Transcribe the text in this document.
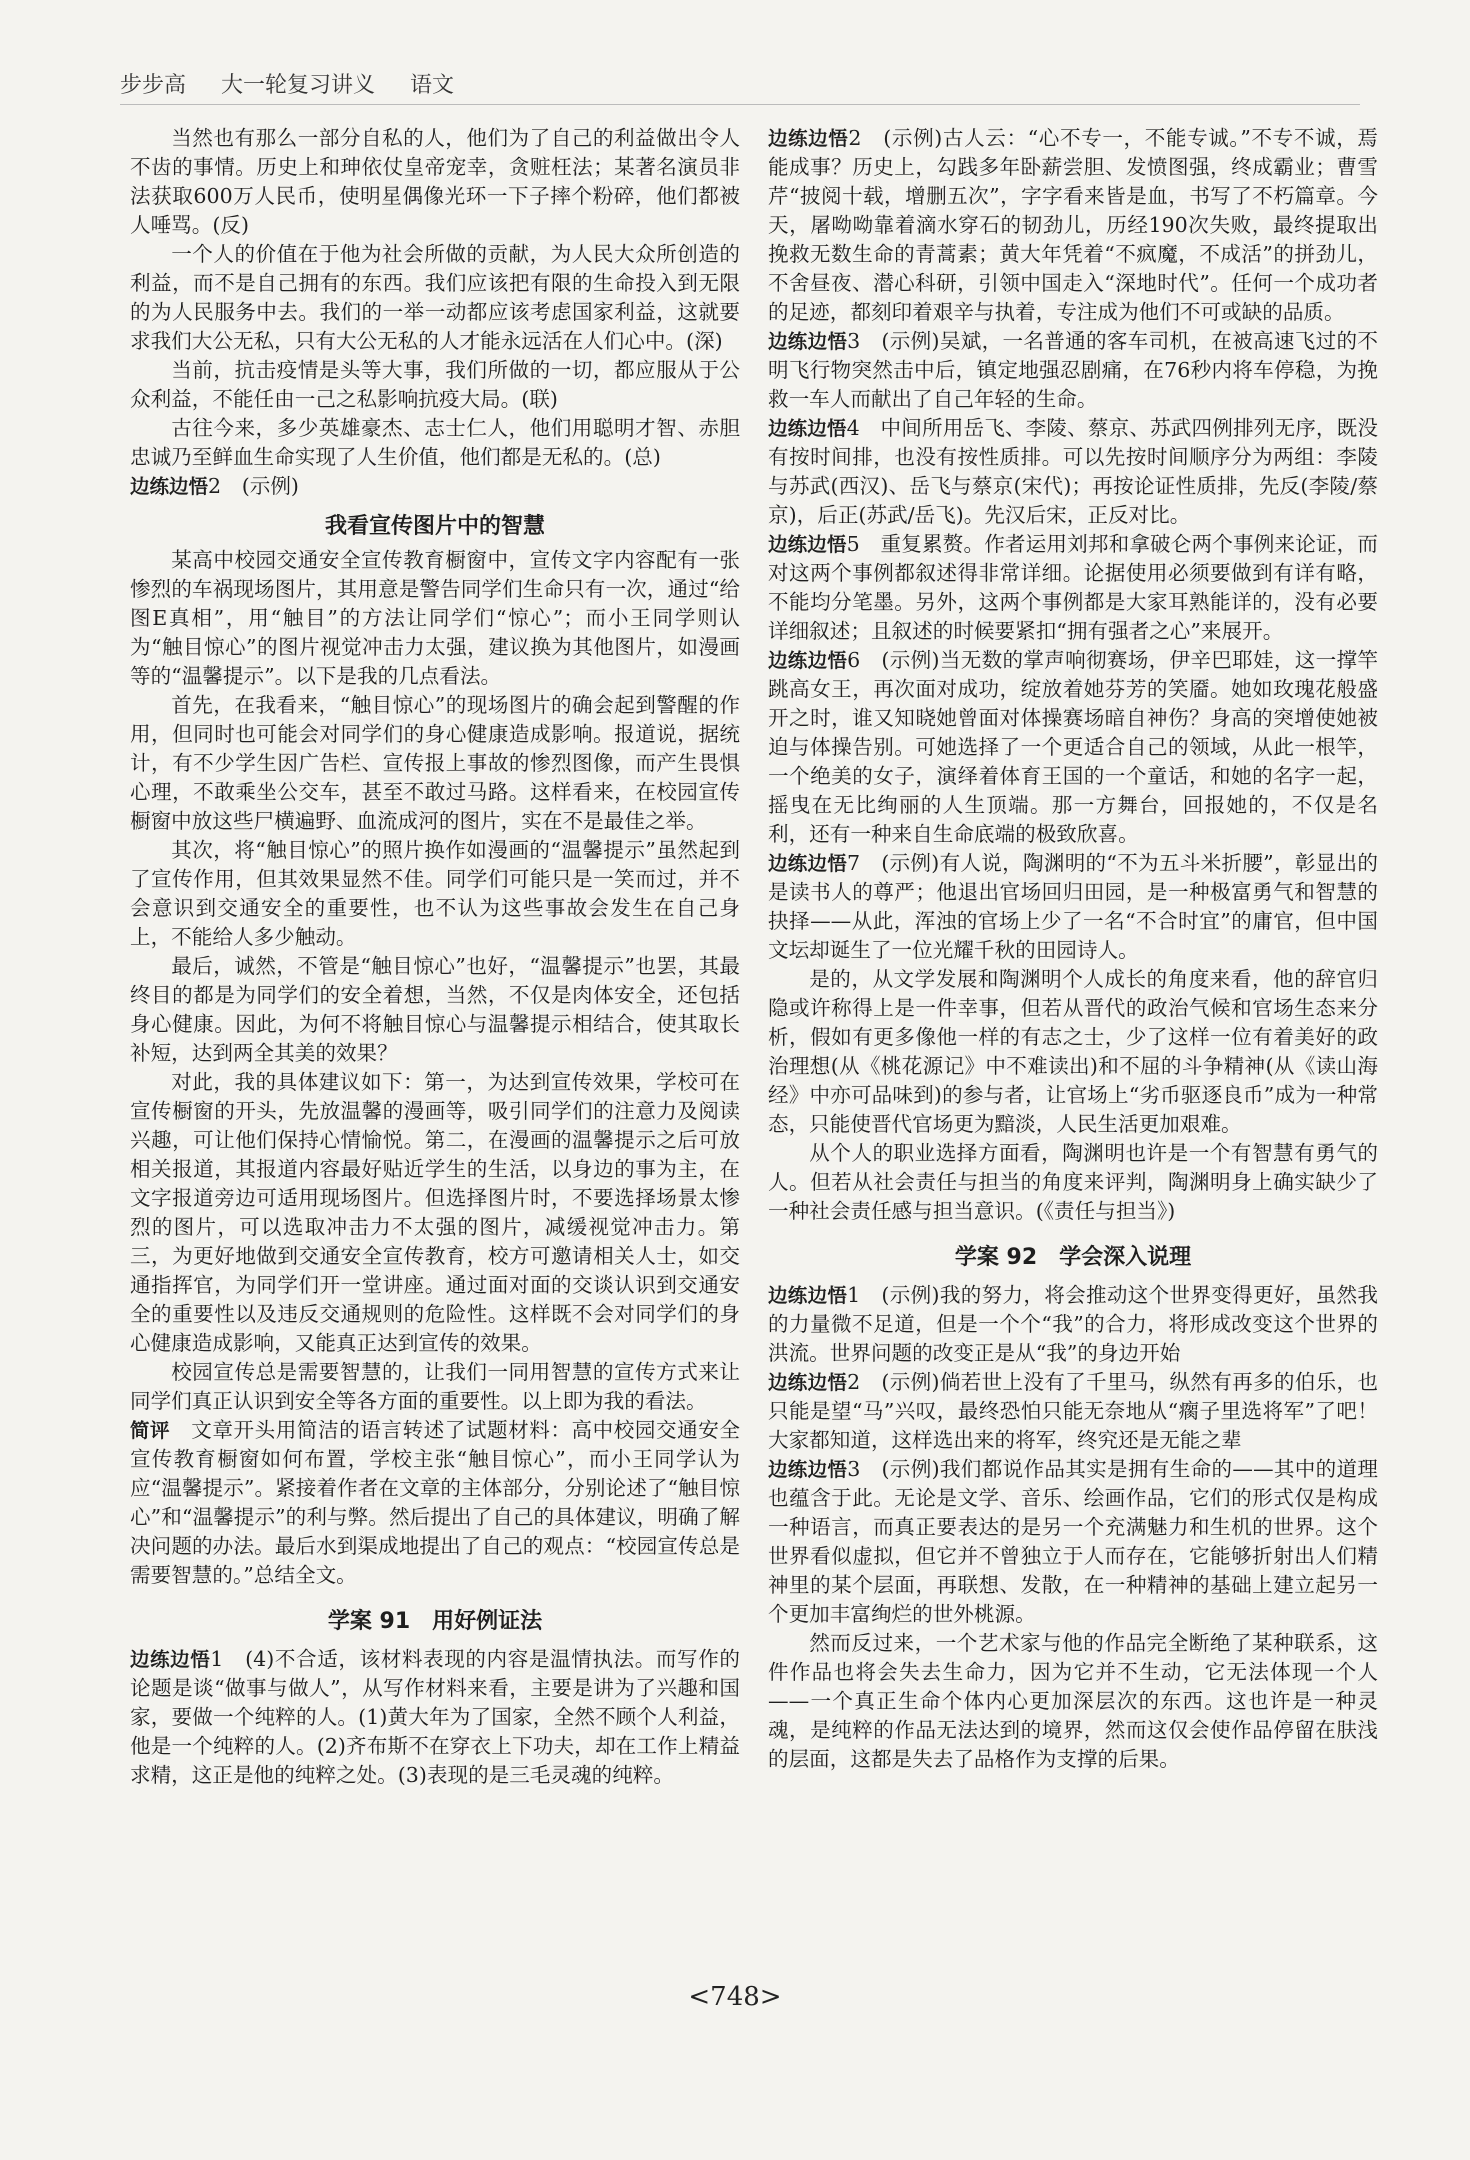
步步高 大一轮复习讲义 语文

当然也有那么一部分自私的人，他们为了自己的利益做出令人不齿的事情。历史上和珅依仗皇帝宠幸，贪赃枉法；某著名演员非法获取600万人民币，使明星偶像光环一下子摔个粉碎，他们都被人唾骂。(反)

一个人的价值在于他为社会所做的贡献，为人民大众所创造的利益，而不是自己拥有的东西。我们应该把有限的生命投入到无限的为人民服务中去。我们的一举一动都应该考虑国家利益，这就要求我们大公无私，只有大公无私的人才能永远活在人们心中。(深)

当前，抗击疫情是头等大事，我们所做的一切，都应服从于公众利益，不能任由一己之私影响抗疫大局。(联)

古往今来，多少英雄豪杰、志士仁人，他们用聪明才智、赤胆忠诚乃至鲜血生命实现了人生价值，他们都是无私的。(总)

边练边悟2　(示例)

我看宣传图片中的智慧

某高中校园交通安全宣传教育橱窗中，宣传文字内容配有一张惨烈的车祸现场图片，其用意是警告同学们生命只有一次，通过“给图E真相”，用“触目”的方法让同学们“惊心”；而小王同学则认为“触目惊心”的图片视觉冲击力太强，建议换为其他图片，如漫画等的“温馨提示”。以下是我的几点看法。

首先，在我看来，“触目惊心”的现场图片的确会起到警醒的作用，但同时也可能会对同学们的身心健康造成影响。报道说，据统计，有不少学生因广告栏、宣传报上事故的惨烈图像，而产生畏惧心理，不敢乘坐公交车，甚至不敢过马路。这样看来，在校园宣传橱窗中放这些尸横遍野、血流成河的图片，实在不是最佳之举。

其次，将“触目惊心”的照片换作如漫画的“温馨提示”虽然起到了宣传作用，但其效果显然不佳。同学们可能只是一笑而过，并不会意识到交通安全的重要性，也不认为这些事故会发生在自己身上，不能给人多少触动。

最后，诚然，不管是“触目惊心”也好，“温馨提示”也罢，其最终目的都是为同学们的安全着想，当然，不仅是肉体安全，还包括身心健康。因此，为何不将触目惊心与温馨提示相结合，使其取长补短，达到两全其美的效果？

对此，我的具体建议如下：第一，为达到宣传效果，学校可在宣传橱窗的开头，先放温馨的漫画等，吸引同学们的注意力及阅读兴趣，可让他们保持心情愉悦。第二，在漫画的温馨提示之后可放相关报道，其报道内容最好贴近学生的生活，以身边的事为主，在文字报道旁边可适用现场图片。但选择图片时，不要选择场景太惨烈的图片，可以选取冲击力不太强的图片，减缓视觉冲击力。第三，为更好地做到交通安全宣传教育，校方可邀请相关人士，如交通指挥官，为同学们开一堂讲座。通过面对面的交谈认识到交通安全的重要性以及违反交通规则的危险性。这样既不会对同学们的身心健康造成影响，又能真正达到宣传的效果。

校园宣传总是需要智慧的，让我们一同用智慧的宣传方式来让同学们真正认识到安全等各方面的重要性。以上即为我的看法。

简评　 文章开头用简洁的语言转述了试题材料：高中校园交通安全宣传教育橱窗如何布置，学校主张“触目惊心”，而小王同学认为应“温馨提示”。紧接着作者在文章的主体部分，分别论述了“触目惊心”和“温馨提示”的利与弊。然后提出了自己的具体建议，明确了解决问题的办法。最后水到渠成地提出了自己的观点：“校园宣传总是需要智慧的。”总结全文。

学案 91　用好例证法

边练边悟1　(4)不合适，该材料表现的内容是温情执法。而写作的论题是谈“做事与做人”，从写作材料来看，主要是讲为了兴趣和国家，要做一个纯粹的人。(1)黄大年为了国家，全然不顾个人利益，他是一个纯粹的人。(2)齐布斯不在穿衣上下功夫，却在工作上精益求精，这正是他的纯粹之处。(3)表现的是三毛灵魂的纯粹。

边练边悟2　(示例)古人云：“心不专一，不能专诚。”不专不诚，焉能成事？历史上，勾践多年卧薪尝胆、发愤图强，终成霸业；曹雪芹“披阅十载，增删五次”，字字看来皆是血，书写了不朽篇章。今天，屠呦呦靠着滴水穿石的韧劲儿，历经190次失败，最终提取出挽救无数生命的青蒿素；黄大年凭着“不疯魔，不成活”的拼劲儿，不舍昼夜、潜心科研，引领中国走入“深地时代”。任何一个成功者的足迹，都刻印着艰辛与执着，专注成为他们不可或缺的品质。

边练边悟3　(示例)吴斌，一名普通的客车司机，在被高速飞过的不明飞行物突然击中后，镇定地强忍剧痛，在76秒内将车停稳，为挽救一车人而献出了自己年轻的生命。

边练边悟4　中间所用岳飞、李陵、蔡京、苏武四例排列无序，既没有按时间排，也没有按性质排。可以先按时间顺序分为两组：李陵与苏武(西汉)、岳飞与蔡京(宋代)；再按论证性质排，先反(李陵/蔡京)，后正(苏武/岳飞)。先汉后宋，正反对比。

边练边悟5　重复累赘。作者运用刘邦和拿破仑两个事例来论证，而对这两个事例都叙述得非常详细。论据使用必须要做到有详有略，不能均分笔墨。另外，这两个事例都是大家耳熟能详的，没有必要详细叙述；且叙述的时候要紧扣“拥有强者之心”来展开。

边练边悟6　(示例)当无数的掌声响彻赛场，伊辛巴耶娃，这一撑竿跳高女王，再次面对成功，绽放着她芬芳的笑靥。她如玫瑰花般盛开之时，谁又知晓她曾面对体操赛场暗自神伤？身高的突增使她被迫与体操告别。可她选择了一个更适合自己的领域，从此一根竿，一个绝美的女子，演绎着体育王国的一个童话，和她的名字一起，摇曳在无比绚丽的人生顶端。那一方舞台，回报她的，不仅是名利，还有一种来自生命底端的极致欣喜。

边练边悟7　(示例)有人说，陶渊明的“不为五斗米折腰”，彰显出的是读书人的尊严；他退出官场回归田园，是一种极富勇气和智慧的抉择——从此，浑浊的官场上少了一名“不合时宜”的庸官，但中国文坛却诞生了一位光耀千秋的田园诗人。

是的，从文学发展和陶渊明个人成长的角度来看，他的辞官归隐或许称得上是一件幸事，但若从晋代的政治气候和官场生态来分析，假如有更多像他一样的有志之士，少了这样一位有着美好的政治理想(从《桃花源记》中不难读出)和不屈的斗争精神(从《读山海经》中亦可品味到)的参与者，让官场上“劣币驱逐良币”成为一种常态，只能使晋代官场更为黯淡，人民生活更加艰难。

从个人的职业选择方面看，陶渊明也许是一个有智慧有勇气的人。但若从社会责任与担当的角度来评判，陶渊明身上确实缺少了一种社会责任感与担当意识。(《责任与担当》)

学案 92　学会深入说理

边练边悟1　(示例)我的努力，将会推动这个世界变得更好，虽然我的力量微不足道，但是一个个“我”的合力，将形成改变这个世界的洪流。世界问题的改变正是从“我”的身边开始

边练边悟2　(示例)倘若世上没有了千里马，纵然有再多的伯乐，也只能是望“马”兴叹，最终恐怕只能无奈地从“瘸子里选将军”了吧！大家都知道，这样选出来的将军，终究还是无能之辈

边练边悟3　(示例)我们都说作品其实是拥有生命的——其中的道理也蕴含于此。无论是文学、音乐、绘画作品，它们的形式仅是构成一种语言，而真正要表达的是另一个充满魅力和生机的世界。这个世界看似虚拟，但它并不曾独立于人而存在，它能够折射出人们精神里的某个层面，再联想、发散，在一种精神的基础上建立起另一个更加丰富绚烂的世外桃源。

然而反过来，一个艺术家与他的作品完全断绝了某种联系，这件作品也将会失去生命力，因为它并不生动，它无法体现一个人——一个真正生命个体内心更加深层次的东西。这也许是一种灵魂，是纯粹的作品无法达到的境界，然而这仅会使作品停留在肤浅的层面，这都是失去了品格作为支撑的后果。

<748>
